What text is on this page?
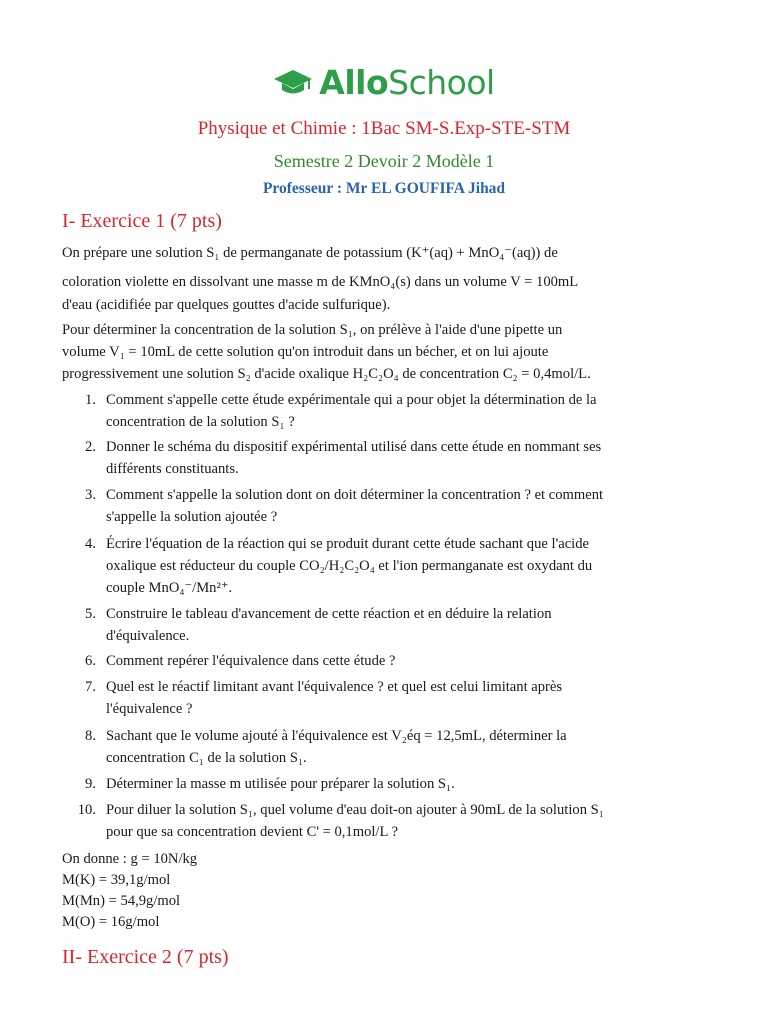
AlloSchool
Physique et Chimie : 1Bac SM-S.Exp-STE-STM
Semestre 2 Devoir 2 Modèle 1
Professeur : Mr EL GOUFIFA Jihad
I- Exercice 1 (7 pts)
On prépare une solution S₁ de permanganate de potassium (K⁺(aq) + MnO₄⁻(aq)) de
coloration violette en dissolvant une masse m de KMnO₄(s) dans un volume V = 100mL
d'eau (acidifiée par quelques gouttes d'acide sulfurique).
Pour déterminer la concentration de la solution S₁, on prélève à l'aide d'une pipette un
volume V₁ = 10mL de cette solution qu'on introduit dans un bécher, et on lui ajoute
progressivement une solution S₂ d'acide oxalique H₂C₂O₄ de concentration C₂ = 0,4mol/L.
1. Comment s'appelle cette étude expérimentale qui a pour objet la détermination de la
concentration de la solution S₁ ?
2. Donner le schéma du dispositif expérimental utilisé dans cette étude en nommant ses
différents constituants.
3. Comment s'appelle la solution dont on doit déterminer la concentration ? et comment
s'appelle la solution ajoutée ?
4. Écrire l'équation de la réaction qui se produit durant cette étude sachant que l'acide
oxalique est réducteur du couple CO₂/H₂C₂O₄ et l'ion permanganate est oxydant du
couple MnO₄⁻/Mn²⁺.
5. Construire le tableau d'avancement de cette réaction et en déduire la relation
d'équivalence.
6. Comment repérer l'équivalence dans cette étude ?
7. Quel est le réactif limitant avant l'équivalence ? et quel est celui limitant après
l'équivalence ?
8. Sachant que le volume ajouté à l'équivalence est V₂éq = 12,5mL, déterminer la
concentration C₁ de la solution S₁.
9. Déterminer la masse m utilisée pour préparer la solution S₁.
10. Pour diluer la solution S₁, quel volume d'eau doit-on ajouter à 90mL de la solution S₁
pour que sa concentration devient C' = 0,1mol/L ?
On donne : g = 10N/kg
M(K) = 39,1g/mol
M(Mn) = 54,9g/mol
M(O) = 16g/mol
II- Exercice 2 (7 pts)
